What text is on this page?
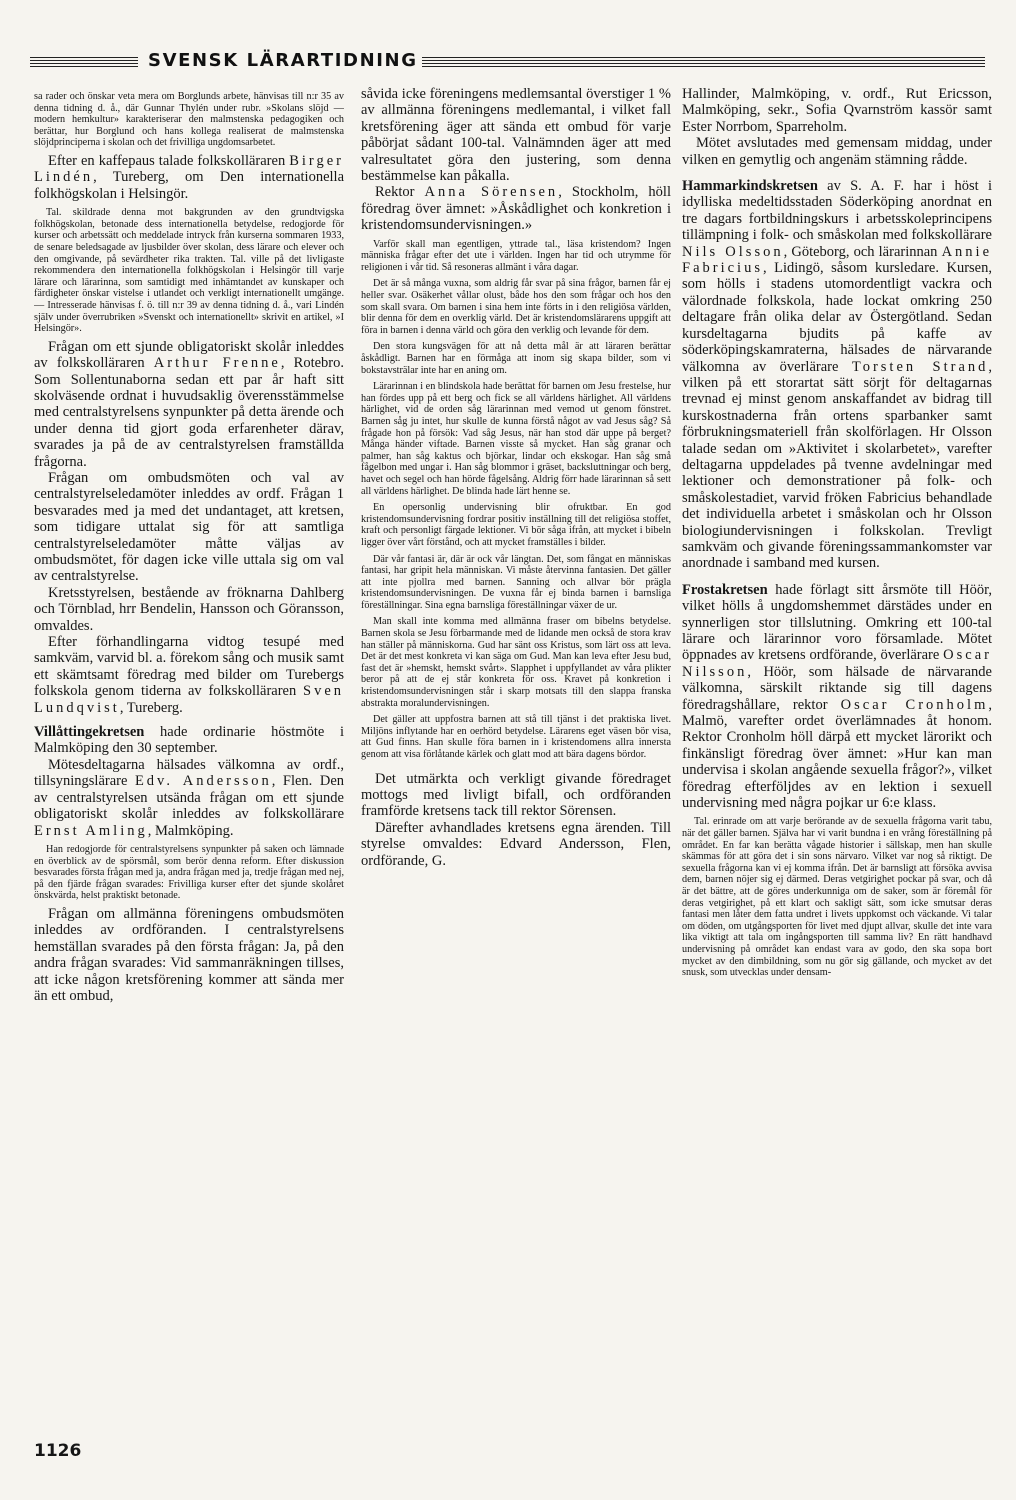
SVENSK LÄRARTIDNING

sa rader och önskar veta mera om Borglunds arbete, hänvisas till n:r 35 av denna tidning d. å., där Gunnar Thylén under rubr. »Skolans slöjd — modern hemkultur» karakteriserar den malmstenska pedagogiken och berättar, hur Borglund och hans kollega realiserat de malmstenska slöjdprinciperna i skolan och det frivilliga ungdomsarbetet.

Efter en kaffepaus talade folkskolläraren Birger Lindén, Tureberg, om Den internationella folkhögskolan i Helsingör.

Tal. skildrade denna mot bakgrunden av den grundtvigska folkhögskolan, betonade dess internationella betydelse, redogjorde för kurser och arbetssätt och meddelade intryck från kurserna sommaren 1933, de senare beledsagade av ljusbilder över skolan, dess lärare och elever och den omgivande, på sevärdheter rika trakten. Tal. ville på det livligaste rekommendera den internationella folkhögskolan i Helsingör till varje lärare och lärarinna, som samtidigt med inhämtandet av kunskaper och färdigheter önskar vistelse i utlandet och verkligt internationellt umgänge. — Intresserade hänvisas f. ö. till n:r 39 av denna tidning d. å., vari Lindén själv under överrubriken »Svenskt och internationellt» skrivit en artikel, »I Helsingör».

Frågan om ett sjunde obligatoriskt skolår inleddes av folkskolläraren Arthur Frenne, Rotebro. Som Sollentunaborna sedan ett par år haft sitt skolväsende ordnat i huvudsaklig överensstämmelse med centralstyrelsens synpunkter på detta ärende och under denna tid gjort goda erfarenheter därav, svarades ja på de av centralstyrelsen framställda frågorna.

Frågan om ombudsmöten och val av centralstyrelseledamöter inleddes av ordf. Frågan 1 besvarades med ja med det undantaget, att kretsen, som tidigare uttalat sig för att samtliga centralstyrelseledamöter måtte väljas av ombudsmötet, för dagen icke ville uttala sig om val av centralstyrelse.

Kretsstyrelsen, bestående av fröknarna Dahlberg och Törnblad, hrr Bendelin, Hansson och Göransson, omvaldes.

Efter förhandlingarna vidtog tesupé med samkväm, varvid bl. a. förekom sång och musik samt ett skämtsamt föredrag med bilder om Turebergs folkskola genom tiderna av folkskolläraren Sven Lundqvist, Tureberg.

Villåttingekretsen hade ordinarie höstmöte i Malmköping den 30 september.

Mötesdeltagarna hälsades välkomna av ordf., tillsyningslärare Edv. Andersson, Flen. Den av centralstyrelsen utsända frågan om ett sjunde obligatoriskt skolår inleddes av folkskollärare Ernst Amling, Malmköping.

Han redogjorde för centralstyrelsens synpunkter på saken och lämnade en överblick av de spörsmål, som berör denna reform. Efter diskussion besvarades första frågan med ja, andra frågan med ja, tredje frågan med nej, på den fjärde frågan svarades: Frivilliga kurser efter det sjunde skolåret önskvärda, helst praktiskt betonade.

Frågan om allmänna föreningens ombudsmöten inleddes av ordföranden. I centralstyrelsens hemställan svarades på den första frågan: Ja, på den andra frågan svarades: Vid sammanräkningen tillses, att icke någon kretsförening kommer att sända mer än ett ombud,

såvida icke föreningens medlemsantal överstiger 1 % av allmänna föreningens medlemantal, i vilket fall kretsförening äger att sända ett ombud för varje påbörjat sådant 100-tal. Valnämnden äger att med valresultatet göra den justering, som denna bestämmelse kan påkalla.

Rektor Anna Sörensen, Stockholm, höll föredrag över ämnet: »Åskådlighet och konkretion i kristendomsundervisningen.»

Varför skall man egentligen, yttrade tal., läsa kristendom? Ingen människa frågar efter det ute i världen. Ingen har tid och utrymme för religionen i vår tid. Så resoneras allmänt i våra dagar.

Det är så många vuxna, som aldrig får svar på sina frågor, barnen får ej heller svar. Osäkerhet vållar olust, både hos den som frågar och hos den som skall svara. Om barnen i sina hem inte förts in i den religiösa världen, blir denna för dem en overklig värld. Det är kristendomslärarens uppgift att föra in barnen i denna värld och göra den verklig och levande för dem.

Den stora kungsvägen för att nå detta mål är att läraren berättar åskådligt. Barnen har en förmåga att inom sig skapa bilder, som vi bokstavsträlar inte har en aning om.

Lärarinnan i en blindskola hade berättat för barnen om Jesu frestelse, hur han fördes upp på ett berg och fick se all världens härlighet. All världens härlighet, vid de orden såg lärarinnan med vemod ut genom fönstret. Barnen såg ju intet, hur skulle de kunna förstå något av vad Jesus såg? Så frågade hon på försök: Vad såg Jesus, när han stod där uppe på berget? Många händer viftade. Barnen visste så mycket. Han såg granar och palmer, han såg kaktus och björkar, lindar och ekskogar. Han såg små fågelbon med ungar i. Han såg blommor i gräset, backsluttningar och berg, havet och segel och han hörde fågelsång. Aldrig förr hade lärarinnan så sett all världens härlighet. De blinda hade lärt henne se.

En opersonlig undervisning blir ofruktbar. En god kristendomsundervisning fordrar positiv inställning till det religiösa stoffet, kraft och personligt färgade lektioner. Vi bör såga ifrån, att mycket i bibeln ligger över vårt förstånd, och att mycket framställes i bilder.

Där vår fantasi är, där är ock vår längtan. Det, som fångat en människas fantasi, har gripit hela människan. Vi måste återvinna fantasien. Det gäller att inte pjollra med barnen. Sanning och allvar bör prägla kristendomsundervisningen. De vuxna får ej binda barnen i barnsliga föreställningar. Sina egna barnsliga föreställningar växer de ur.

Man skall inte komma med allmänna fraser om bibelns betydelse. Barnen skola se Jesu förbarmande med de lidande men också de stora krav han ställer på människorna. Gud har sänt oss Kristus, som lärt oss att leva. Det är det mest konkreta vi kan säga om Gud. Man kan leva efter Jesu bud, fast det är »hemskt, hemskt svårt». Slapphet i uppfyllandet av våra plikter beror på att de ej står konkreta för oss. Kravet på konkretion i kristendomsundervisningen står i skarp motsats till den slappa franska abstrakta moralundervisningen.

Det gäller att uppfostra barnen att stå till tjänst i det praktiska livet. Miljöns inflytande har en oerhörd betydelse. Lärarens eget väsen bör visa, att Gud finns. Han skulle föra barnen in i kristendomens allra innersta genom att visa förlåtande kärlek och glatt mod att bära dagens bördor.

Det utmärkta och verkligt givande föredraget mottogs med livligt bifall, och ordföranden framförde kretsens tack till rektor Sörensen.

Därefter avhandlades kretsens egna ärenden. Till styrelse omvaldes: Edvard Andersson, Flen, ordförande, G.

Hallinder, Malmköping, v. ordf., Rut Ericsson, Malmköping, sekr., Sofia Qvarnström kassör samt Ester Norrbom, Sparreholm.

Mötet avslutades med gemensam middag, under vilken en gemytlig och angenäm stämning rådde.

Hammarkindskretsen av S. A. F. har i höst i idylliska medeltidsstaden Söderköping anordnat en tre dagars fortbildningskurs i arbetsskoleprincipens tillämpning i folk- och småskolan med folkskollärare Nils Olsson, Göteborg, och lärarinnan Annie Fabricius, Lidingö, såsom kursledare. Kursen, som hölls i stadens utomordentligt vackra och välordnade folkskola, hade lockat omkring 250 deltagare från olika delar av Östergötland. Sedan kursdeltagarna bjudits på kaffe av söderköpingskamraterna, hälsades de närvarande välkomna av överlärare Torsten Strand, vilken på ett storartat sätt sörjt för deltagarnas trevnad ej minst genom anskaffandet av bidrag till kurskostnaderna från ortens sparbanker samt förbrukningsmateriell från skolförlagen. Hr Olsson talade sedan om »Aktivitet i skolarbetet», varefter deltagarna uppdelades på tvenne avdelningar med lektioner och demonstrationer på folk- och småskolestadiet, varvid fröken Fabricius behandlade det individuella arbetet i småskolan och hr Olsson biologiundervisningen i folkskolan. Trevligt samkväm och givande föreningssammankomster var anordnade i samband med kursen.

Frostakretsen hade förlagt sitt årsmöte till Höör, vilket hölls å ungdomshemmet därstädes under en synnerligen stor tillslutning. Omkring ett 100-tal lärare och lärarinnor voro församlade. Mötet öppnades av kretsens ordförande, överlärare Oscar Nilsson, Höör, som hälsade de närvarande välkomna, särskilt riktande sig till dagens föredragshållare, rektor Oscar Cronholm, Malmö, varefter ordet överlämnades åt honom. Rektor Cronholm höll därpå ett mycket lärorikt och finkänsligt föredrag över ämnet: »Hur kan man undervisa i skolan angående sexuella frågor?», vilket föredrag efterföljdes av en lektion i sexuell undervisning med några pojkar ur 6:e klass.

Tal. erinrade om att varje berörande av de sexuella frågorna varit tabu, när det gäller barnen. Själva har vi varit bundna i en vrång föreställning på området. En far kan berätta vågade historier i sällskap, men han skulle skämmas för att göra det i sin sons närvaro. Vilket var nog så riktigt. De sexuella frågorna kan vi ej komma ifrån. Det är barnsligt att försöka avvisa dem, barnen nöjer sig ej därmed. Deras vetgirighet pockar på svar, och då är det bättre, att de göres underkunniga om de saker, som är föremål för deras vetgirighet, på ett klart och sakligt sätt, som icke smutsar deras fantasi men låter dem fatta undret i livets uppkomst och väckande. Vi talar om döden, om utgångsporten för livet med djupt allvar, skulle det inte vara lika viktigt att tala om ingångsporten till samma liv? En rätt handhavd undervisning på området kan endast vara av godo, den ska sopa bort mycket av den dimbildning, som nu gör sig gällande, och mycket av det snusk, som utvecklas under densam-

1126
